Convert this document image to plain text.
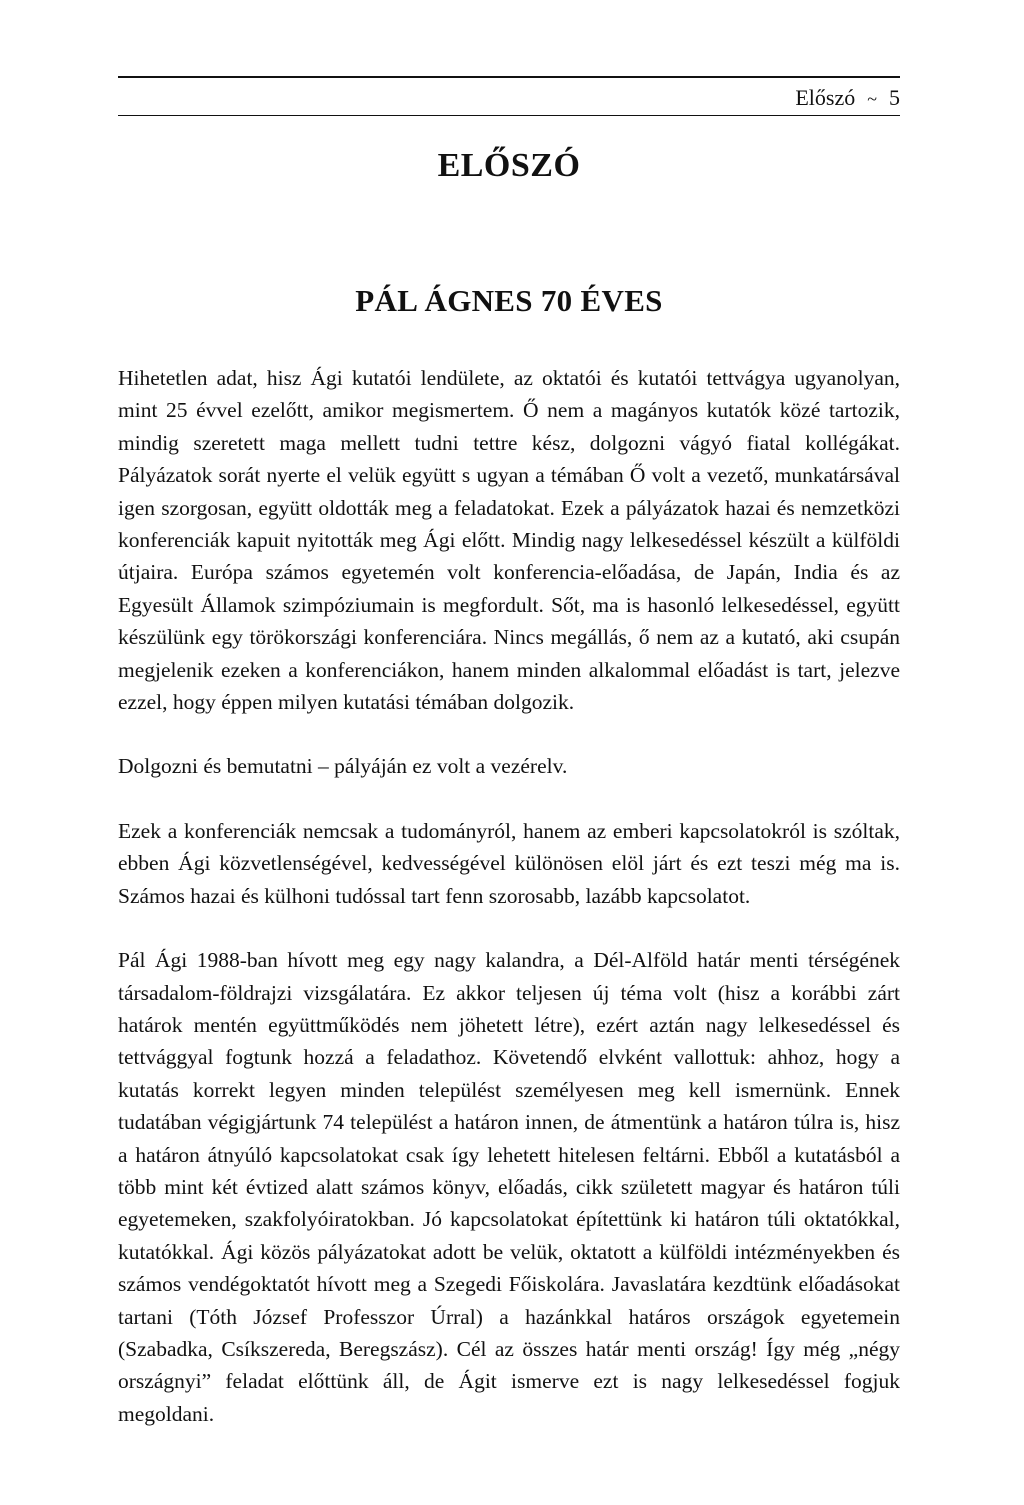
Előszó ~ 5
ELŐSZÓ
PÁL ÁGNES 70 ÉVES

Hihetetlen adat, hisz Ági kutatói lendülete, az oktatói és kutatói tettvágya ugyanolyan, mint 25 évvel ezelőtt, amikor megismertem. Ő nem a magányos kutatók közé tartozik, mindig szeretett maga mellett tudni tettre kész, dolgozni vágyó fiatal kollégákat. Pályázatok sorát nyerte el velük együtt s ugyan a témában Ő volt a vezető, munkatársával igen szorgosan, együtt oldották meg a feladatokat. Ezek a pályázatok hazai és nemzetközi konferenciák kapuit nyitották meg Ági előtt. Mindig nagy lelkesedéssel készült a külföldi útjaira. Európa számos egyetemén volt konferencia-előadása, de Japán, India és az Egyesült Államok szimpóziumain is megfordult. Sőt, ma is hasonló lelkesedéssel, együtt készülünk egy törökországi konferenciára. Nincs megállás, ő nem az a kutató, aki csupán megjelenik ezeken a konferenciákon, hanem minden alkalommal előadást is tart, jelezve ezzel, hogy éppen milyen kutatási témában dolgozik.

Dolgozni és bemutatni – pályáján ez volt a vezérelv.

Ezek a konferenciák nemcsak a tudományról, hanem az emberi kapcsolatokról is szóltak, ebben Ági közvetlenségével, kedvességével különösen elöl járt és ezt teszi még ma is. Számos hazai és külhoni tudóssal tart fenn szorosabb, lazább kapcsolatot.

Pál Ági 1988-ban hívott meg egy nagy kalandra, a Dél-Alföld határ menti térségének társadalom-földrajzi vizsgálatára. Ez akkor teljesen új téma volt (hisz a korábbi zárt határok mentén együttműködés nem jöhetett létre), ezért aztán nagy lelkesedéssel és tettvággyal fogtunk hozzá a feladathoz. Követendő elvként vallottuk: ahhoz, hogy a kutatás korrekt legyen minden települést személyesen meg kell ismernünk. Ennek tudatában végigjártunk 74 települést a határon innen, de átmentünk a határon túlra is, hisz a határon átnyúló kapcsolatokat csak így lehetett hitelesen feltárni. Ebből a kutatásból a több mint két évtized alatt számos könyv, előadás, cikk született magyar és határon túli egyetemeken, szakfolyóiratokban. Jó kapcsolatokat építettünk ki határon túli oktatókkal, kutatókkal. Ági közös pályázatokat adott be velük, oktatott a külföldi intézményekben és számos vendégoktatót hívott meg a Szegedi Főiskolára. Javaslatára kezdtünk előadásokat tartani (Tóth József Professzor Úrral) a hazánkkal határos országok egyetemein (Szabadka, Csíkszereda, Beregszász). Cél az összes határ menti ország! Így még „négy országnyi” feladat előttünk áll, de Ágit ismerve ezt is nagy lelkesedéssel fogjuk megoldani.
